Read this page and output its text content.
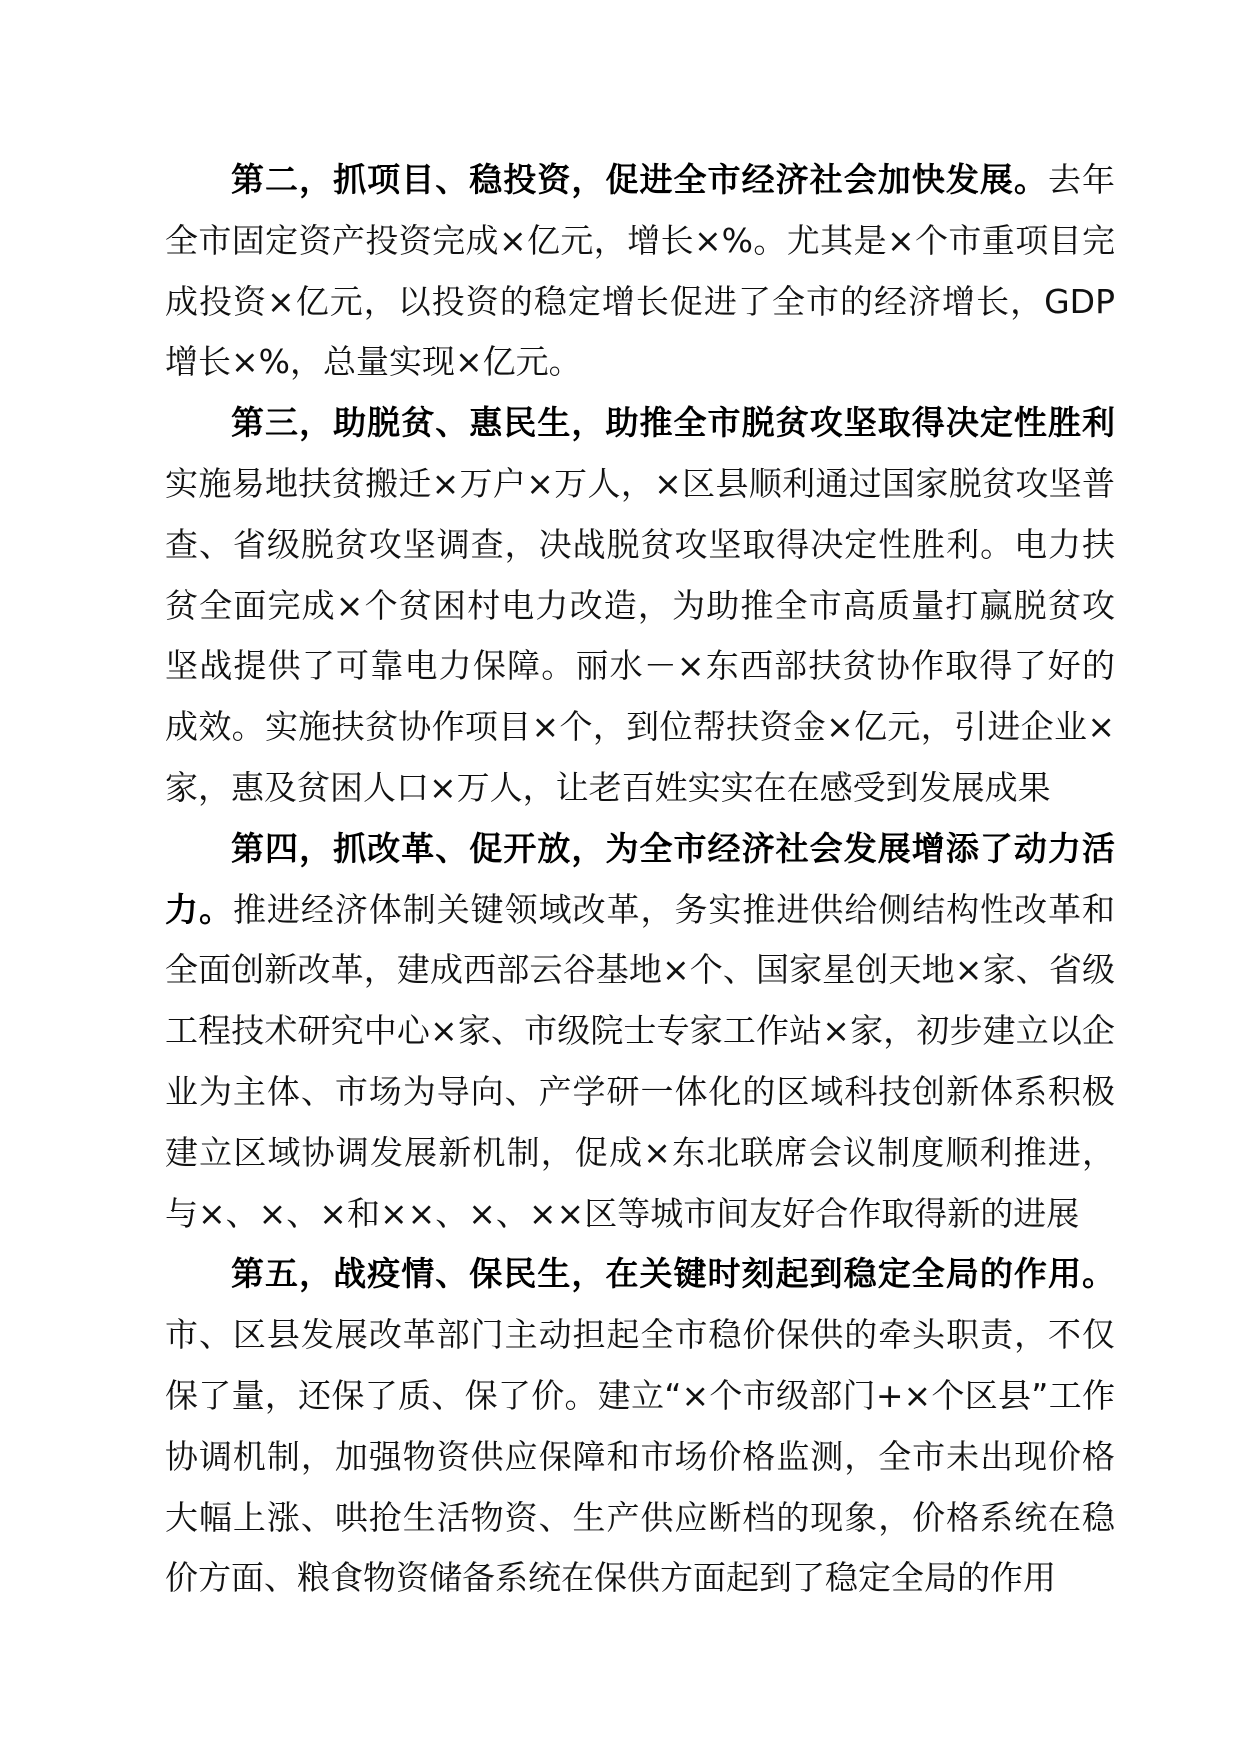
第二，抓项目、稳投资，促进全市经济社会加快发展。去年全市固定资产投资完成×亿元，增长×%。尤其是×个市重项目完成投资×亿元，以投资的稳定增长促进了全市的经济增长，GDP增长×%，总量实现×亿元。

第三，助脱贫、惠民生，助推全市脱贫攻坚取得决定性胜利实施易地扶贫搬迁×万户×万人，×区县顺利通过国家脱贫攻坚普查、省级脱贫攻坚调查，决战脱贫攻坚取得决定性胜利。电力扶贫全面完成×个贫困村电力改造，为助推全市高质量打赢脱贫攻坚战提供了可靠电力保障。丽水－×东西部扶贫协作取得了好的成效。实施扶贫协作项目×个，到位帮扶资金×亿元，引进企业×家，惠及贫困人口×万人，让老百姓实实在在感受到发展成果

第四，抓改革、促开放，为全市经济社会发展增添了动力活力。推进经济体制关键领域改革，务实推进供给侧结构性改革和全面创新改革，建成西部云谷基地×个、国家星创天地×家、省级工程技术研究中心×家、市级院士专家工作站×家，初步建立以企业为主体、市场为导向、产学研一体化的区域科技创新体系积极建立区域协调发展新机制，促成×东北联席会议制度顺利推进，与×、×、×和××、×、××区等城市间友好合作取得新的进展

第五，战疫情、保民生，在关键时刻起到稳定全局的作用。市、区县发展改革部门主动担起全市稳价保供的牵头职责，不仅保了量，还保了质、保了价。建立“×个市级部门+×个区县”工作协调机制，加强物资供应保障和市场价格监测，全市未出现价格大幅上涨、哄抢生活物资、生产供应断档的现象，价格系统在稳价方面、粮食物资储备系统在保供方面起到了稳定全局的作用
